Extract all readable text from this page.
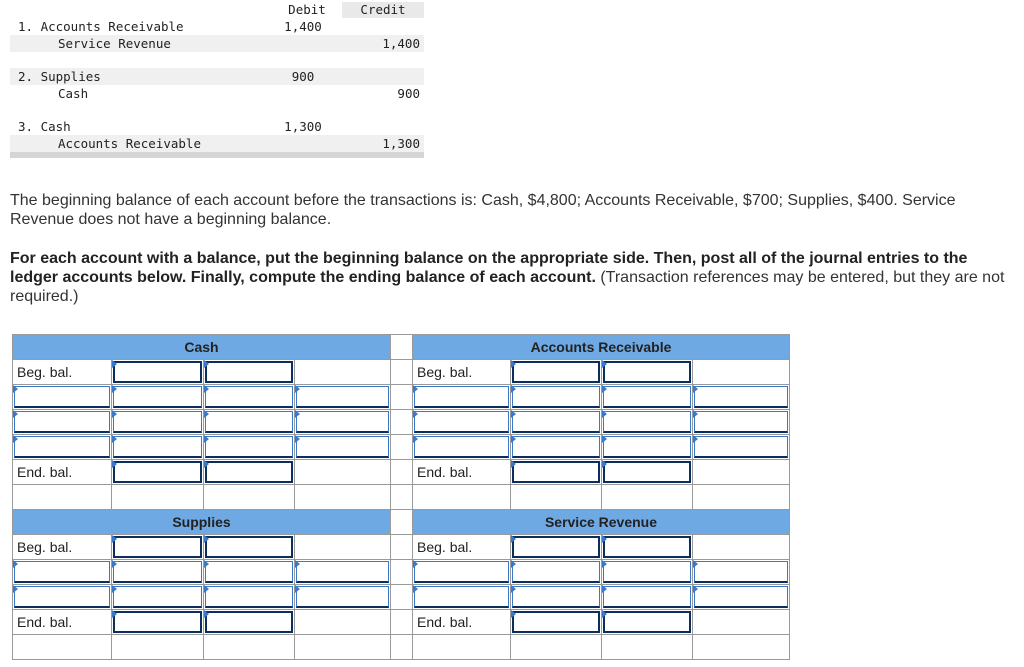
Debit	Credit
1. Accounts Receivable	1,400
Service Revenue	1,400
2. Supplies	900
Cash	900
3. Cash	1,300
Accounts Receivable	1,300
The beginning balance of each account before the transactions is: Cash, $4,800; Accounts Receivable, $700; Supplies, $400. Service Revenue does not have a beginning balance.
For each account with a balance, put the beginning balance on the appropriate side. Then, post all of the journal entries to the ledger accounts below. Finally, compute the ending balance of each account. (Transaction references may be entered, but they are not required.)
Cash					Accounts Receivable			
Beg. bal.					Beg. bal.	

End. bal.					End. bal.	

Supplies					Service Revenue			
Beg. bal.					Beg. bal.	

End. bal.					End. bal.	
